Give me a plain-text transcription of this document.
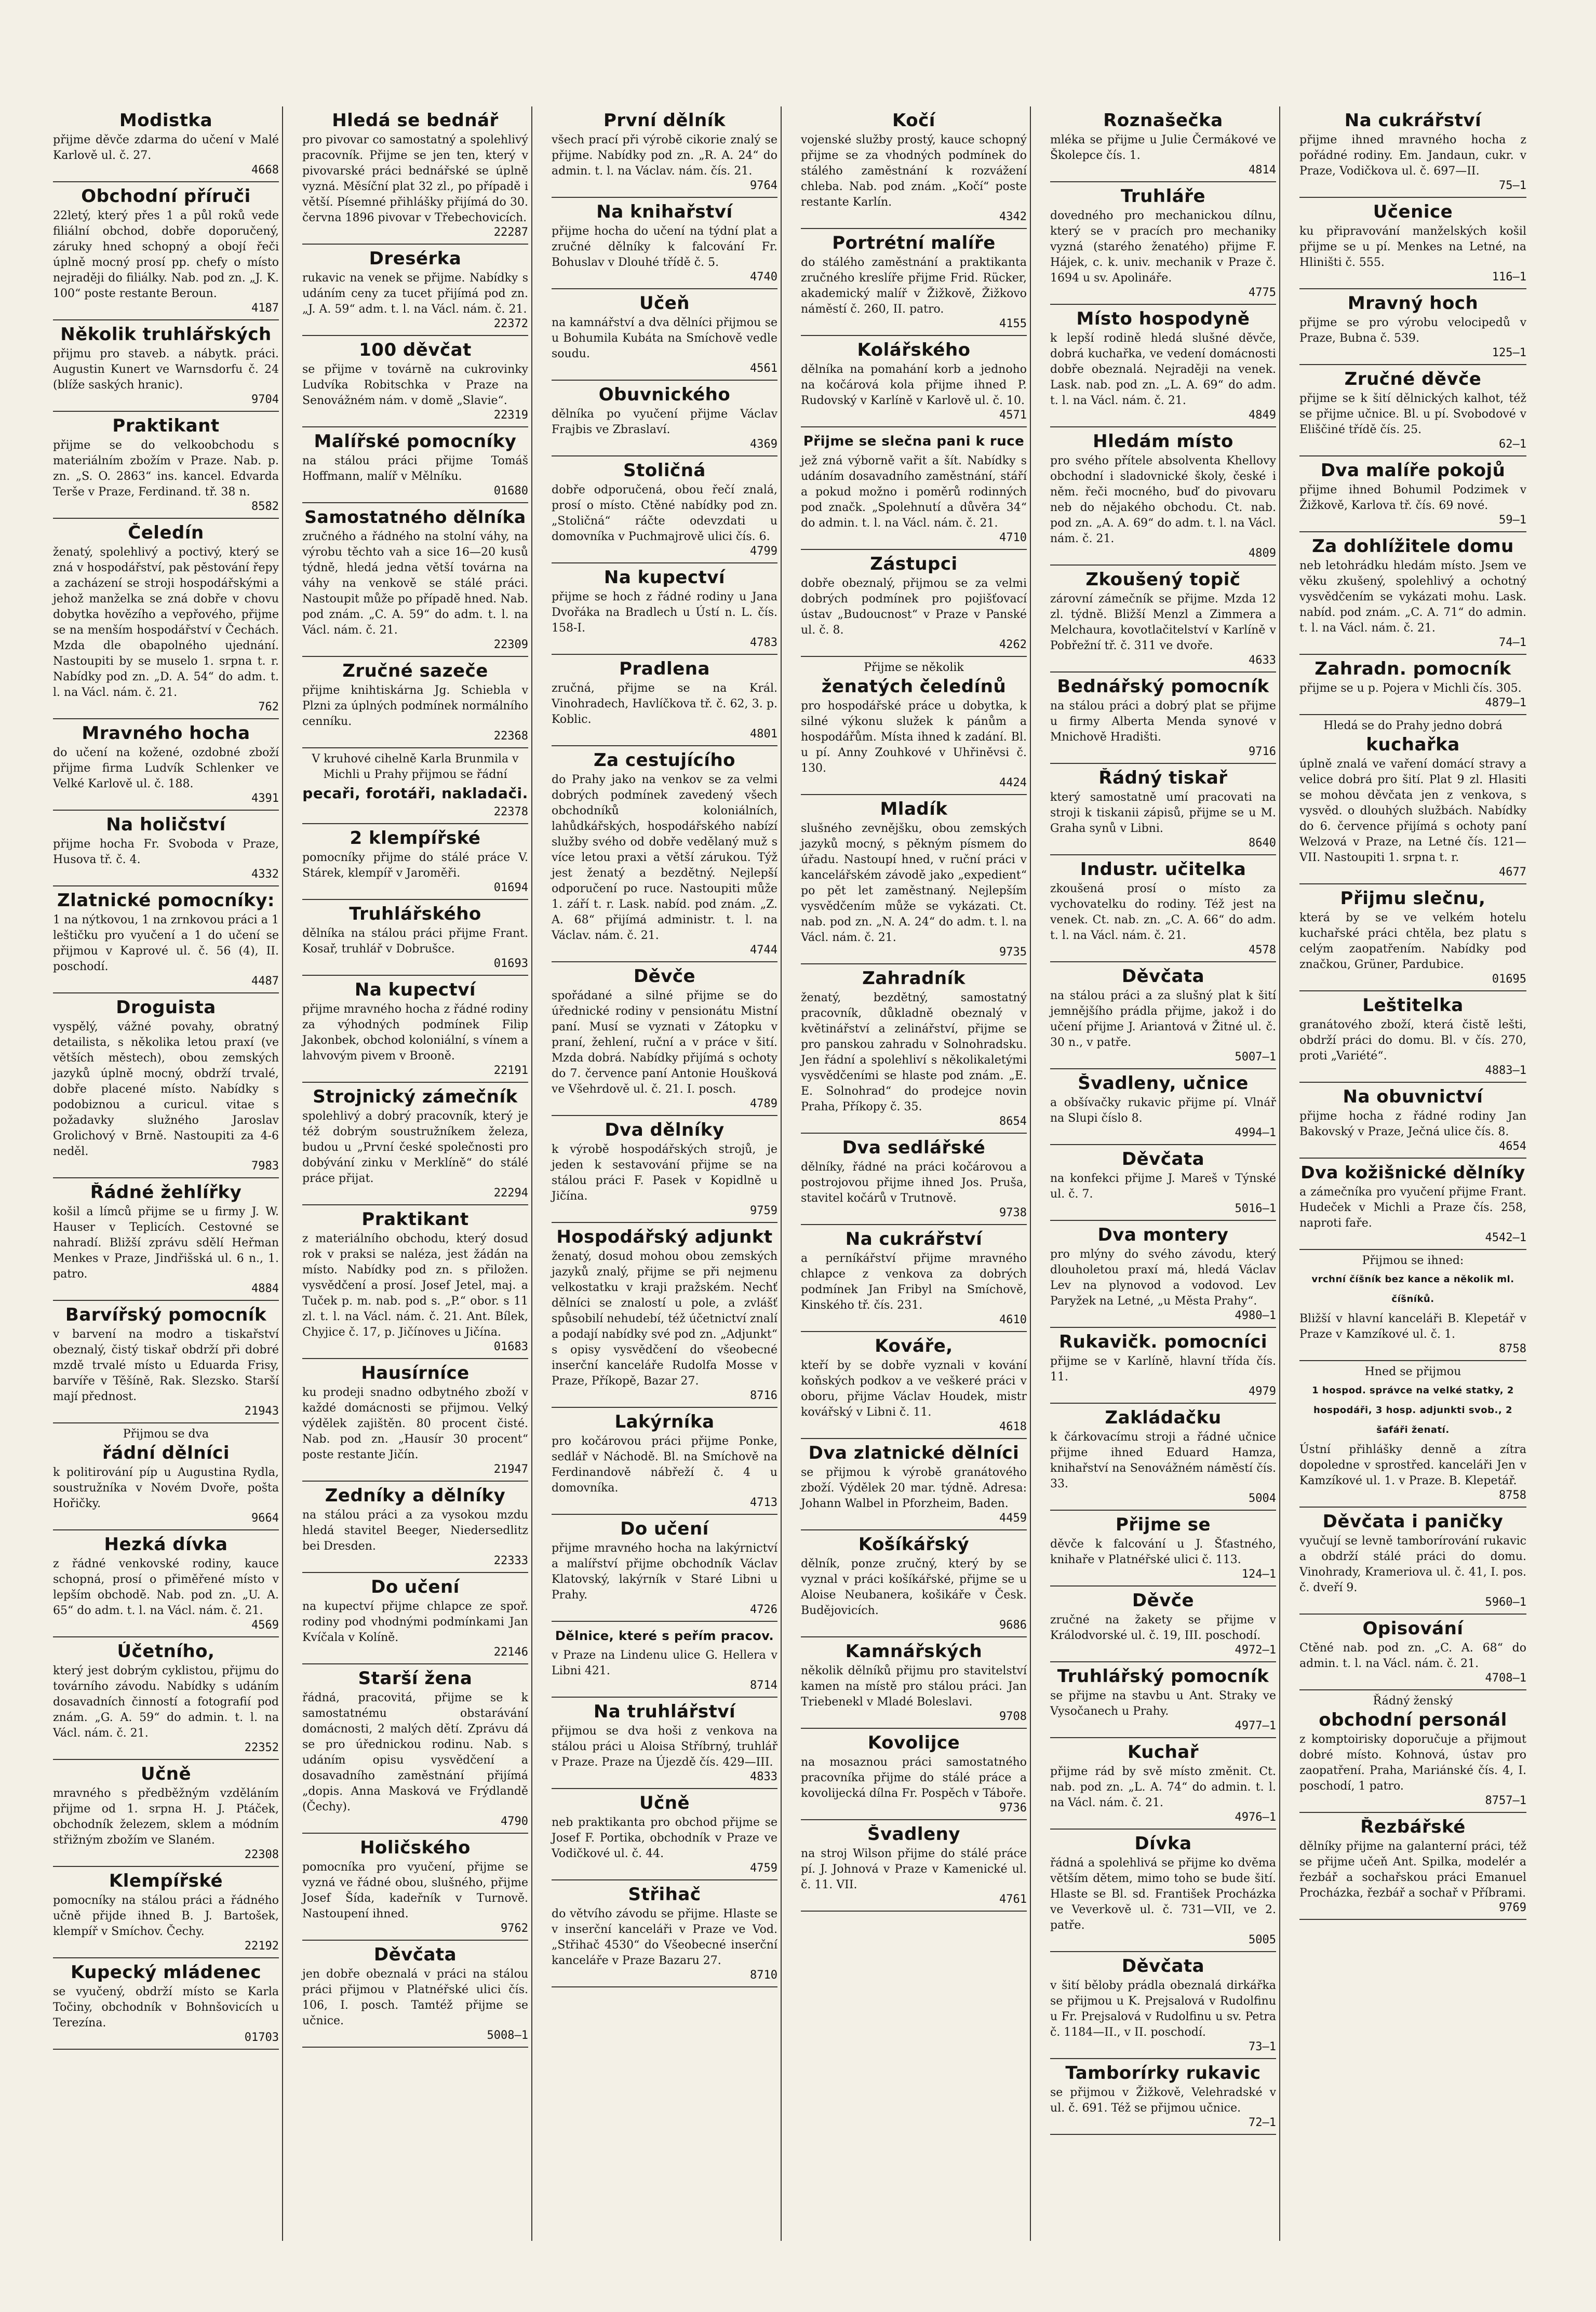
Modistka

přijme děvče zdarma do učení v Malé Karlově ul. č. 27.

4668
Obchodní příruči

22letý, který přes 1 a půl roků vede filiální obchod, dobře doporučený, záruky hned schopný a obojí řeči úplně mocný prosí pp. chefy o místo nejraději do filiálky. Nab. pod zn. „J. K. 100“ poste restante Beroun.

4187
Několik truhlářských

přijmu pro staveb. a nábytk. práci. Augustin Kunert ve Warnsdorfu č. 24 (blíže saských hranic).

9704
Praktikant

přijme se do velkoobchodu s materiálním zbožím v Praze. Nab. p. zn. „S. O. 2863“ ins. kancel. Edvarda Terše v Praze, Ferdinand. tř. 38 n.

8582
Čeledín

ženatý, spolehlivý a poctivý, který se zná v hospodářství, pak pěstování řepy a zacházení se stroji hospodářskými a jehož manželka se zná dobře v chovu dobytka hovězího a vepřového, přijme se na menším hospodářství v Čechách. Mzda dle obapolného ujednání. Nastoupiti by se muselo 1. srpna t. r. Nabídky pod zn. „D. A. 54“ do adm. t. l. na Václ. nám. č. 21.

762
Mravného hocha

do učení na kožené, ozdobné zboží přijme firma Ludvík Schlenker ve Velké Karlově ul. č. 188.

4391
Na holičství

přijme hocha Fr. Svoboda v Praze, Husova tř. č. 4.

4332
Zlatnické pomocníky:

1 na nýtkovou, 1 na zrnkovou práci a 1 leštičku pro vyučení a 1 do učení se přijmou v Kaprové ul. č. 56 (4), II. poschodí.

4487
Droguista

vyspělý, vážné povahy, obratný detailista, s několika letou praxí (ve větších městech), obou zemských jazyků úplně mocný, obdrží trvalé, dobře placené místo. Nabídky s podobiznou a curicul. vitae s požadavky služného Jaroslav Grolichový v Brně. Nastoupiti za 4-6 neděl.

7983
Řádné žehlířky

košil a límců přijme se u firmy J. W. Hauser v Teplicích. Cestovné se nahradí. Bližší zprávu sdělí Heřman Menkes v Praze, Jindřišská ul. 6 n., 1. patro.

4884
Barvířský pomocník

v barvení na modro a tiskařství obeznalý, čistý tiskař obdrží při dobré mzdě trvalé místo u Eduarda Frisy, barvíře v Těšíně, Rak. Slezsko. Starší mají přednost.

21943

Přijmou se dva

řádní dělníci

k politirování píp u Augustina Rydla, soustružníka v Novém Dvoře, pošta Hořičky.

9664
Hezká dívka

z řádné venkovské rodiny, kauce schopná, prosí o přiměřené místo v lepším obchodě. Nab. pod zn. „U. A. 65“ do adm. t. l. na Václ. nám. č. 21.

4569
Účetního,

který jest dobrým cyklistou, přijmu do továrního závodu. Nabídky s udáním dosavadních činností a fotografií pod znám. „G. A. 59“ do admin. t. l. na Václ. nám. č. 21.

22352
Učně

mravného s předběžným vzděláním přijme od 1. srpna H. J. Ptáček, obchodník železem, sklem a módním střižným zbožím ve Slaném.

22308
Klempířské

pomocníky na stálou práci a řádného učně přijde ihned B. J. Bartošek, klempíř v Smíchov. Čechy.

22192
Kupecký mládenec

se vyučený, obdrží místo se Karla Točiny, obchodník v Bohnšovicích u Terezína.

01703
Hledá se bednář

pro pivovar co samostatný a spolehlivý pracovník. Přijme se jen ten, který v pivovarské práci bednářské se úplně vyzná. Měsíční plat 32 zl., po případě i větší. Písemné přihlášky přijímá do 30. června 1896 pivovar v Třebechovicích.

22287
Dresérka

rukavic na venek se přijme. Nabídky s udáním ceny za tucet přijímá pod zn. „J. A. 59“ adm. t. l. na Václ. nám. č. 21.

22372
100 děvčat

se přijme v továrně na cukrovinky Ludvíka Robitschka v Praze na Senovážném nám. v domě „Slavie“.

22319
Malířské pomocníky

na stálou práci přijme Tomáš Hoffmann, malíř v Mělníku.

01680
Samostatného dělníka

zručného a řádného na stolní váhy, na výrobu těchto vah a sice 16—20 kusů týdně, hledá jedna větší továrna na váhy na venkově se stálé práci. Nastoupit může po případě hned. Nab. pod znám. „C. A. 59“ do adm. t. l. na Václ. nám. č. 21.

22309
Zručné sazeče

přijme knihtiskárna Jg. Schiebla v Plzni za úplných podmínek normálního cenníku.

22368

V kruhové cihelně Karla Brunmila v Michli u Prahy přijmou se řádní

pecaři, forotáři, nakladači.
22378
2 klempířské

pomocníky přijme do stálé práce V. Stárek, klempíř v Jaroměři.

01694
Truhlářského

dělníka na stálou práci přijme Frant. Kosař, truhlář v Dobrušce.

01693
Na kupectví

přijme mravného hocha z řádné rodiny za výhodných podmínek Filip Jakonbek, obchod koloniální, s vínem a lahvovým pivem v Brooně.

22191
Strojnický zámečník

spolehlivý a dobrý pracovník, který je též dobrým soustružníkem železa, budou u „První české společnosti pro dobývání zinku v Merklíně“ do stálé práce přijat.

22294
Praktikant

z materiálního obchodu, který dosud rok v praksi se naléza, jest žádán na místo. Nabídky pod zn. s přiložen. vysvědčení a prosí. Josef Jetel, maj. a Tuček p. m. nab. pod s. „P.“ obor. s 11 zl. t. l. na Václ. nám. č. 21. Ant. Bílek, Chyjice č. 17, p. Jičínoves u Jičína.

01683
Hausírníce

ku prodeji snadno odbytného zboží v každé domácnosti se přijmou. Velký výdělek zajištěn. 80 procent čisté. Nab. pod zn. „Hausír 30 procent“ poste restante Jičín.

21947
Zedníky a dělníky

na stálou práci a za vysokou mzdu hledá stavitel Beeger, Niedersedlitz bei Dresden.

22333
Do učení

na kupectví přijme chlapce ze spoř. rodiny pod vhodnými podmínkami Jan Kvíčala v Kolíně.

22146
Starší žena

řádná, pracovitá, přijme se k samostatnému obstarávání domácnosti, 2 malých dětí. Zprávu dá se pro úřednickou rodinu. Nab. s udáním opisu vysvědčení a dosavadního zaměstnání přijímá „dopis. Anna Masková ve Frýdlandě (Čechy).

4790
Holičského

pomocníka pro vyučení, přijme se vyzná ve řádné obou, slušného, přijme Josef Šída, kadeřník v Turnově. Nastoupení ihned.

9762
Děvčata

jen dobře obeznalá v práci na stálou práci přijmou v Platnéřské ulici čís. 106, I. posch. Tamtéž přijme se učnice.

5008—1
První dělník

všech prací při výrobě cikorie znalý se přijme. Nabídky pod zn. „R. A. 24“ do admin. t. l. na Václav. nám. čís. 21.

9764
Na knihařství

přijme hocha do učení na týdní plat a zručné dělníky k falcování Fr. Bohuslav v Dlouhé třídě č. 5.

4740
Učeň

na kamnářství a dva dělníci přijmou se u Bohumila Kubáta na Smíchově vedle soudu.

4561
Obuvnického

dělníka po vyučení přijme Václav Frajbis ve Zbraslaví.

4369
Stoličná

dobře odporučená, obou řečí znalá, prosí o místo. Ctěné nabídky pod zn. „Stoličná“ ráčte odevzdati u domovníka v Puchmajrově ulici čís. 6.

4799
Na kupectví

přijme se hoch z řádné rodiny u Jana Dvořáka na Bradlech u Ústí n. L. čís. 158-I.

4783
Pradlena

zručná, přijme se na Král. Vinohradech, Havlíčkova tř. č. 62, 3. p. Koblic.

4801
Za cestujícího

do Prahy jako na venkov se za velmi dobrých podmínek zavedený všech obchodníků koloniálních, lahůdkářských, hospodářského nabízí služby svého od dobře vedělaný muž s více letou praxi a větší zárukou. Týž jest ženatý a bezdětný. Nejlepší odporučení po ruce. Nastoupiti může 1. září t. r. Lask. nabíd. pod znám. „Z. A. 68“ přijímá administr. t. l. na Václav. nám. č. 21.

4744
Děvče

spořádané a silné přijme se do úřednické rodiny v pensionátu Mistní paní. Musí se vyznati v Zátopku v praní, žehlení, ruční a v práce v šití. Mzda dobrá. Nabídky přijímá s ochoty do 7. července paní Antonie Houšková ve Všehrdově ul. č. 21. I. posch.

4789
Dva dělníky

k výrobě hospodářských strojů, je jeden k sestavování přijme se na stálou práci F. Pasek v Kopidlně u Jičína.

9759
Hospodářský adjunkt

ženatý, dosud mohou obou zemských jazyků znalý, přijme se při nejmenu velkostatku v kraji pražském. Nechť dělníci se znalostí u pole, a zvlášť spůsobilí nehudebí, též účetnictví znalí a podají nabídky své pod zn. „Adjunkt“ s opisy vysvědčení do všeobecné inserční kanceláře Rudolfa Mosse v Praze, Příkopě, Bazar 27.

8716
Lakýrníka

pro kočárovou práci přijme Ponke, sedlář v Náchodě. Bl. na Smíchově na Ferdinandově nábřeží č. 4 u domovníka.

4713
Do učení

přijme mravného hocha na lakýrnictví a malířství přijme obchodník Václav Klatovský, lakýrník v Staré Libni u Prahy.

4726
Dělnice, které s peřím pracov.

v Praze na Lindenu ulice G. Hellera v Libni 421.

8714
Na truhlářství

přijmou se dva hoši z venkova na stálou práci u Aloisa Stříbrný, truhlář v Praze. Praze na Újezdě čís. 429—III.

4833
Učně

neb praktikanta pro obchod přijme se Josef F. Portika, obchodník v Praze ve Vodičkové ul. č. 44.

4759
Střihač

do větvího závodu se přijme. Hlaste se v inserční kanceláři v Praze ve Vod. „Střihač 4530“ do Všeobecné inserční kanceláře v Praze Bazaru 27.

8710
Kočí

vojenské služby prostý, kauce schopný přijme se za vhodných podmínek do stálého zaměstnání k rozvážení chleba. Nab. pod znám. „Kočí“ poste restante Karlín.

4342
Portrétní malíře

do stálého zaměstnání a praktikanta zručného kreslíře přijme Frid. Rücker, akademický malíř v Žižkově, Žižkovo náměstí č. 260, II. patro.

4155
Kolářského

dělníka na pomahání korb a jednoho na kočárová kola přijme ihned P. Rudovský v Karlíně v Karlově ul. č. 10.

4571
Přijme se slečna pani k ruce

jež zná výborně vařit a šít. Nabídky s udáním dosavadního zaměstnání, stáří a pokud možno i poměrů rodinných pod značk. „Spolehnutí a důvěra 34“ do admin. t. l. na Václ. nám. č. 21.

4710
Zástupci

dobře obeznalý, přijmou se za velmi dobrých podmínek pro pojišťovací ústav „Budoucnost“ v Praze v Panské ul. č. 8.

4262

Přijme se několik

ženatých čeledínů

pro hospodářské práce u dobytka, k silné výkonu služek k pánům a hospodářům. Místa ihned k zadání. Bl. u pí. Anny Zouhkové v Uhřiněvsi č. 130.

4424
Mladík

slušného zevnějšku, obou zemských jazyků mocný, s pěkným písmem do úřadu. Nastoupí hned, v ruční práci v kancelářském závodě jako „expedient“ po pět let zaměstnaný. Nejlepším vysvědčením může se vykázati. Ct. nab. pod zn. „N. A. 24“ do adm. t. l. na Václ. nám. č. 21.

9735
Zahradník

ženatý, bezdětný, samostatný pracovník, důkladně obeznalý v květinářství a zelinářství, přijme se pro panskou zahradu v Solnohradsku. Jen řádní a spolehliví s několikaletými vysvědčeními se hlaste pod znám. „E. E. Solnohrad“ do prodejce novin Praha, Příkopy č. 35.

8654
Dva sedlářské

dělníky, řádné na práci kočárovou a postrojovou přijme ihned Jos. Pruša, stavitel kočárů v Trutnově.

9738
Na cukrářství

a perníkářství přijme mravného chlapce z venkova za dobrých podmínek Jan Fribyl na Smíchově, Kinského tř. čís. 231.

4610
Kováře,

kteří by se dobře vyznali v kování koňských podkov a ve veškeré práci v oboru, přijme Václav Houdek, mistr kovářský v Libni č. 11.

4618
Dva zlatnické dělníci

se přijmou k výrobě granátového zboží. Výdělek 20 mar. týdně. Adresa: Johann Walbel in Pforzheim, Baden.

4459
Košíkářský

dělník, ponze zručný, který by se vyznal v práci košíkářské, přijme se u Aloise Neubanera, košikáře v Česk. Budějovicích.

9686
Kamnářských

několik dělníků přijmu pro stavitelství kamen na místě pro stálou práci. Jan Triebenekl v Mladé Boleslavi.

9708
Kovolijce

na mosaznou práci samostatného pracovníka přijme do stálé práce a kovolijecká dílna Fr. Pospěch v Táboře.

9736
Švadleny

na stroj Wilson přijme do stálé práce pí. J. Johnová v Praze v Kamenické ul. č. 11. VII.

4761
Roznašečka

mléka se přijme u Julie Čermákové ve Školepce čís. 1.

4814
Truhláře

dovedného pro mechanickou dílnu, který se v pracích pro mechaniky vyzná (starého ženatého) přijme F. Hájek, c. k. univ. mechanik v Praze č. 1694 u sv. Apolináře.

4775
Místo hospodyně

k lepší rodině hledá slušné děvče, dobrá kuchařka, ve vedení domácnosti dobře obeznalá. Nejraději na venek. Lask. nab. pod zn. „L. A. 69“ do adm. t. l. na Václ. nám. č. 21.

4849
Hledám místo

pro svého přítele absolventa Khellovy obchodní i sladovnické školy, české i něm. řeči mocného, buď do pivovaru neb do nějakého obchodu. Ct. nab. pod zn. „A. A. 69“ do adm. t. l. na Václ. nám. č. 21.

4809
Zkoušený topič

zárovní zámečník se přijme. Mzda 12 zl. týdně. Bližší Menzl a Zimmera a Melchaura, kovotlačitelství v Karlíně v Pobřežní tř. č. 311 ve dvoře.

4633
Bednářský pomocník

na stálou práci a dobrý plat se přijme u firmy Alberta Menda synové v Mnichově Hradišti.

9716
Řádný tiskař

který samostatně umí pracovati na stroji k tiskanii zápisů, přijme se u M. Graha synů v Libni.

8640
Industr. učitelka

zkoušená prosí o místo za vychovatelku do rodiny. Též jest na venek. Ct. nab. zn. „C. A. 66“ do adm. t. l. na Václ. nám. č. 21.

4578
Děvčata

na stálou práci a za slušný plat k šití jemnějšího prádla přijme, jakož i do učení přijme J. Ariantová v Žitné ul. č. 30 n., v patře.

5007—1
Švadleny, učnice

a obšívačky rukavic přijme pí. Vlnář na Slupi číslo 8.

4994—1
Děvčata

na konfekci přijme J. Mareš v Týnské ul. č. 7.

5016—1
Dva montery

pro mlýny do svého závodu, který dlouholetou praxí má, hledá Václav Lev na plynovod a vodovod. Lev Paryžek na Letné, „u Města Prahy“.

4980—1
Rukavičk. pomocníci

přijme se v Karlíně, hlavní třída čís. 11.

4979
Zakládačku

k čárkovacímu stroji a řádné učnice přijme ihned Eduard Hamza, knihařství na Senovážném náměstí čís. 33.

5004
Přijme se

děvče k falcování u J. Šťastného, knihaře v Platnéřské ulici č. 113.

124—1
Děvče

zručné na žakety se přijme v Králodvorské ul. č. 19, III. poschodí.

4972—1
Truhlářský pomocník

se přijme na stavbu u Ant. Straky ve Vysočanech u Prahy.

4977—1
Kuchař

přijme rád by svě místo změnit. Ct. nab. pod zn. „L. A. 74“ do admin. t. l. na Václ. nám. č. 21.

4976—1
Dívka

řádná a spolehlivá se přijme ko dvěma větším dětem, mimo toho se bude šití. Hlaste se Bl. sd. František Procházka ve Veverkově ul. č. 731—VII, ve 2. patře.

5005
Děvčata

v šití běloby prádla obeznalá dirkářka se přijmou u K. Prejsalová v Rudolfinu u Fr. Prejsalová v Rudolfinu u sv. Petra č. 1184—II., v II. poschodí.

73—1
Tamborírky rukavic

se přijmou v Žižkově, Velehradské v ul. č. 691. Též se přijmou učnice.

72—1
Na cukrářství

přijme ihned mravného hocha z pořádné rodiny. Em. Jandaun, cukr. v Praze, Vodičkova ul. č. 697—II.

75—1
Učenice

ku připravování manželských košil přijme se u pí. Menkes na Letné, na Hliništi č. 555.

116—1
Mravný hoch

přijme se pro výrobu velocipedů v Praze, Bubna č. 539.

125—1
Zručné děvče

přijme se k šití dělnických kalhot, též se přijme učnice. Bl. u pí. Svobodové v Eliščiné třídě čís. 25.

62—1
Dva malíře pokojů

přijme ihned Bohumil Podzimek v Žižkově, Karlova tř. čís. 69 nové.

59—1
Za dohlížitele domu

neb letohrádku hledám místo. Jsem ve věku zkušený, spolehlivý a ochotný vysvědčením se vykázati mohu. Lask. nabíd. pod znám. „C. A. 71“ do admin. t. l. na Václ. nám. č. 21.

74—1
Zahradn. pomocník

přijme se u p. Pojera v Michli čís. 305.

4879—1

Hledá se do Prahy jedno dobrá

kuchařka

úplně znalá ve vaření domácí stravy a velice dobrá pro šití. Plat 9 zl. Hlasiti se mohou děvčata jen z venkova, s vysvěd. o dlouhých službách. Nabídky do 6. července přijímá s ochoty paní Welzová v Praze, na Letné čís. 121—VII. Nastoupiti 1. srpna t. r.

4677
Přijmu slečnu,

která by se ve velkém hotelu kuchařské práci chtěla, bez platu s celým zaopatřením. Nabídky pod značkou, Grüner, Pardubice.

01695
Leštitelka

granátového zboží, která čistě lešti, obdrží práci do domu. Bl. v čís. 270, proti „Variété“.

4883—1
Na obuvnictví

přijme hocha z řádné rodiny Jan Bakovský v Praze, Ječná ulice čís. 8.

4654
Dva kožišnické dělníky

a zámečníka pro vyučení přijme Frant. Hudeček v Michli a Praze čís. 258, naproti faře.

4542—1

Přijmou se ihned:

vrchní číšník bez kance a několik ml. číšníků.

Bližší v hlavní kanceláři B. Klepetář v Praze v Kamzíkové ul. č. 1.

8758

Hned se přijmou

1 hospod. správce na velké statky, 2 hospodáři, 3 hosp. adjunkti svob., 2 šafáři ženatí.

Ústní přihlášky denně a zítra dopoledne v sprostřed. kanceláři Jen v Kamzíkové ul. 1. v Praze. B. Klepetář.

8758
Děvčata i paničky

vyučují se levně tamborírování rukavic a obdrží stálé práci do domu. Vinohrady, Krameriova ul. č. 41, I. pos. č. dveří 9.

5960—1
Opisování

Ctěné nab. pod zn. „C. A. 68“ do admin. t. l. na Václ. nám. č. 21.

4708—1

Řádný ženský

obchodní personál

z komptoirisky doporučuje a přijmout dobré místo. Kohnová, ústav pro zaopatření. Praha, Mariánské čís. 4, I. poschodí, 1 patro.

8757—1
Řezbářské

dělníky přijme na galanterní práci, též se přijme učeň Ant. Spilka, modelér a řezbář a sochařskou práci Emanuel Procházka, řezbář a sochař v Příbrami.

9769
